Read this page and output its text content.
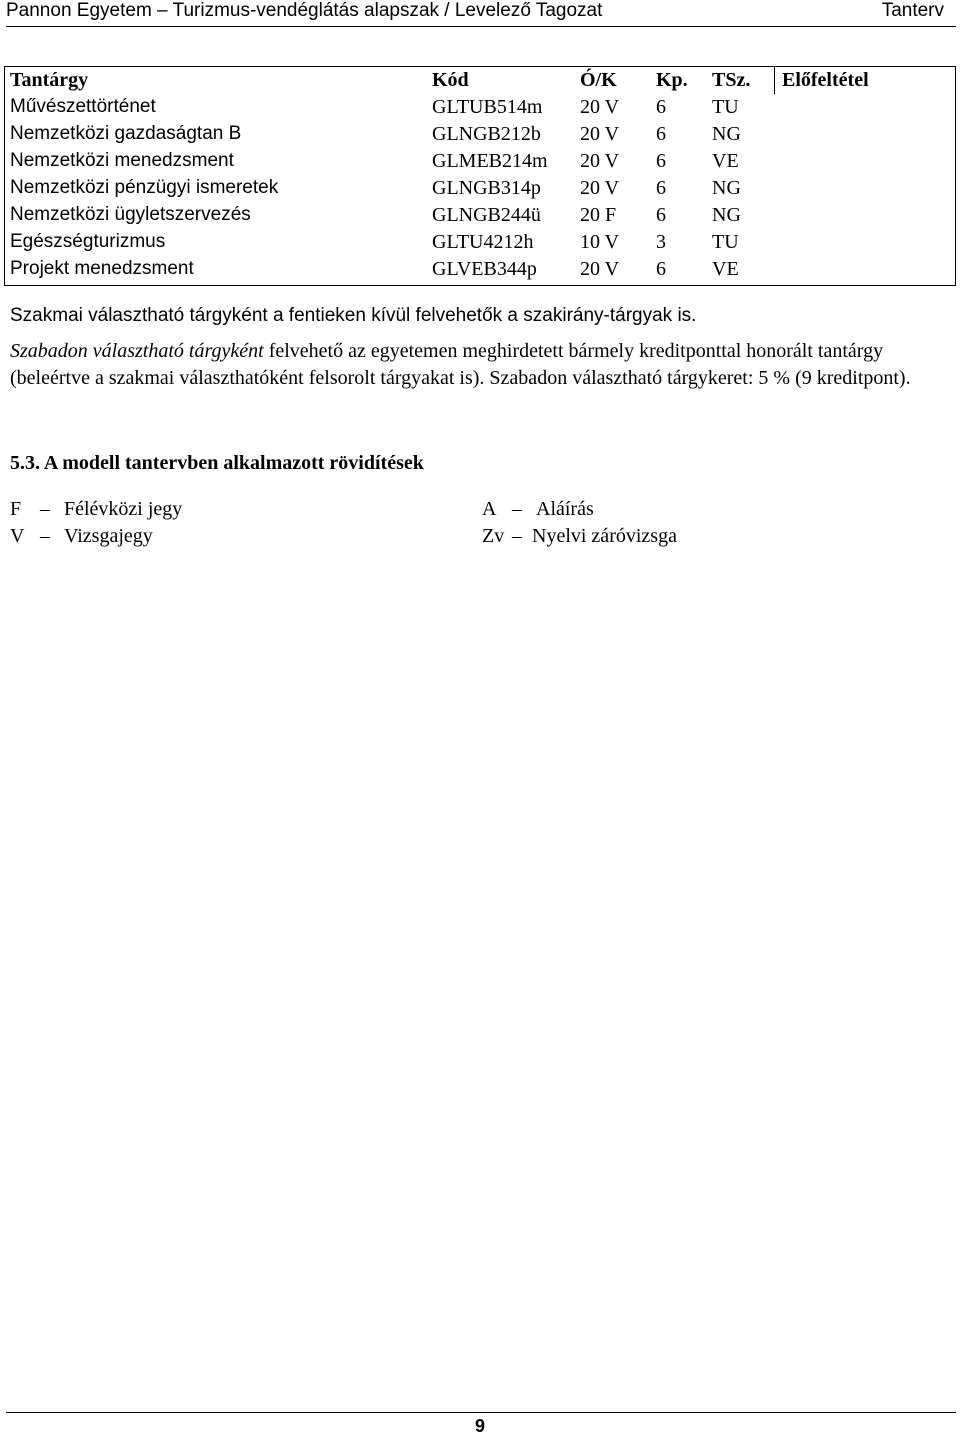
Pannon Egyetem – Turizmus-vendéglátás alapszak / Levelező Tagozat	Tanterv
Tantárgy	Kód	Ó/K	Kp.	TSz.	Előfeltétel
Művészettörténet	GLTUB514m	20 V	6	TU	
Nemzetközi gazdaságtan B	GLNGB212b	20 V	6	NG	
Nemzetközi menedzsment	GLMEB214m	20 V	6	VE	
Nemzetközi pénzügyi ismeretek	GLNGB314p	20 V	6	NG	
Nemzetközi ügyletszervezés	GLNGB244ü	20 F	6	NG	
Egészségturizmus	GLTU4212h	10 V	3	TU	
Projekt menedzsment	GLVEB344p	20 V	6	VE	
Szakmai választható tárgyként a fentieken kívül felvehetők a szakirány-tárgyak is.
Szabadon választható tárgyként felvehető az egyetemen meghirdetett bármely kreditponttal honorált tantárgy (beleértve a szakmai választhatóként felsorolt tárgyakat is). Szabadon választható tárgykeret: 5 % (9 kreditpont).
5.3. A modell tantervben alkalmazott rövidítések
F – Félévközi jegy
V – Vizsgajegy
A – Aláírás
Zv – Nyelvi záróvizsga
9
